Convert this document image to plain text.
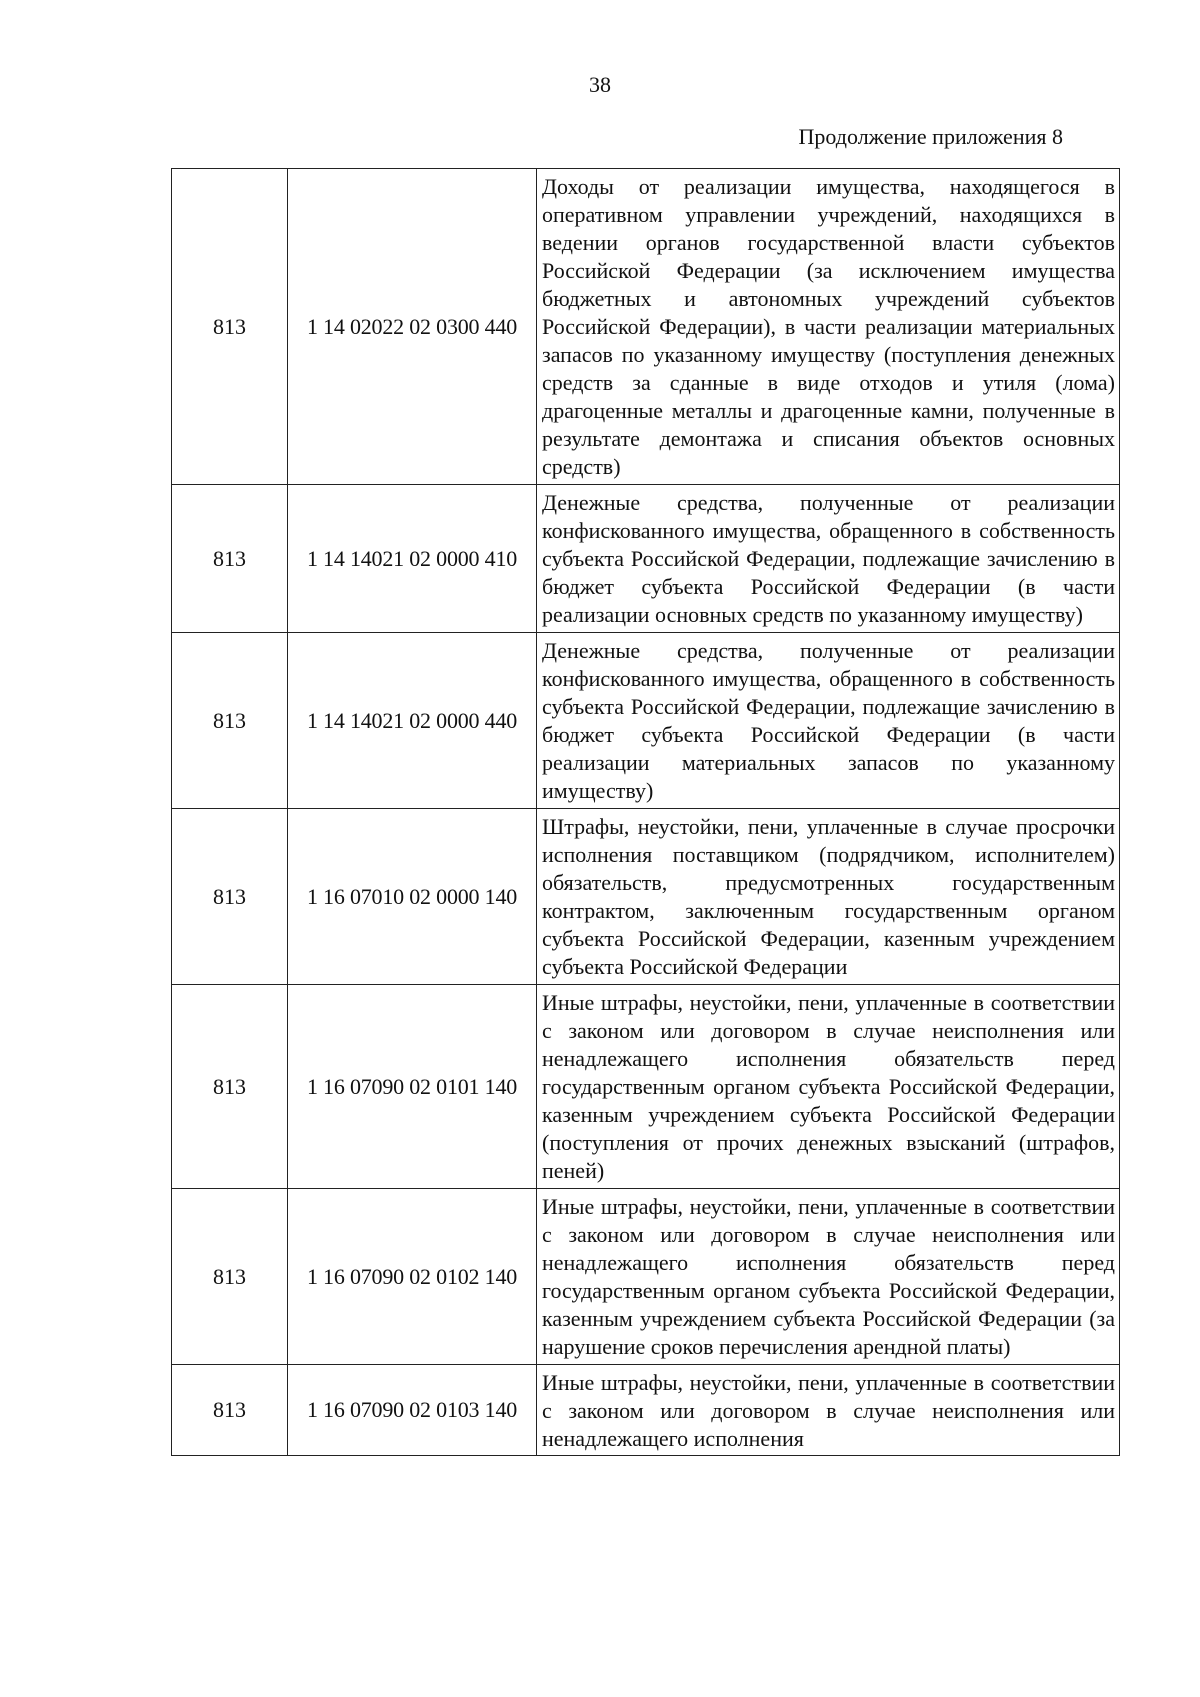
38
Продолжение приложения 8
813	1 14 02022 02 0300 440	Доходы от реализации имущества, находящегося в оперативном управлении учреждений, находящихся в ведении органов государственной власти субъектов Российской Федерации (за исключением имущества бюджетных и автономных учреждений субъектов Российской Федерации), в части реализации материальных запасов по указанному имуществу (поступления денежных средств за сданные в виде отходов и утиля (лома) драгоценные металлы и драгоценные камни, полученные в результате демонтажа и списания объектов основных средств)

813	1 14 14021 02 0000 410	Денежные средства, полученные от реализации конфискованного имущества, обращенного в собственность субъекта Российской Федерации, подлежащие зачислению в бюджет субъекта Российской Федерации (в части реализации основных средств по указанному имуществу)

813	1 14 14021 02 0000 440	Денежные средства, полученные от реализации конфискованного имущества, обращенного в собственность субъекта Российской Федерации, подлежащие зачислению в бюджет субъекта Российской Федерации (в части реализации материальных запасов по указанному имуществу)

813	1 16 07010 02 0000 140	Штрафы, неустойки, пени, уплаченные в случае просрочки исполнения поставщиком (подрядчиком, исполнителем) обязательств, предусмотренных государственным контрактом, заключенным государственным органом субъекта Российской Федерации, казенным учреждением субъекта Российской Федерации

813	1 16 07090 02 0101 140	Иные штрафы, неустойки, пени, уплаченные в соответствии с законом или договором в случае неисполнения или ненадлежащего исполнения обязательств перед государственным органом субъекта Российской Федерации, казенным учреждением субъекта Российской Федерации (поступления от прочих денежных взысканий (штрафов, пеней)

813	1 16 07090 02 0102 140	Иные штрафы, неустойки, пени, уплаченные в соответствии с законом или договором в случае неисполнения или ненадлежащего исполнения обязательств перед государственным органом субъекта Российской Федерации, казенным учреждением субъекта Российской Федерации (за нарушение сроков перечисления арендной платы)

813	1 16 07090 02 0103 140	Иные штрафы, неустойки, пени, уплаченные в соответствии с законом или договором в случае неисполнения или ненадлежащего исполнения
